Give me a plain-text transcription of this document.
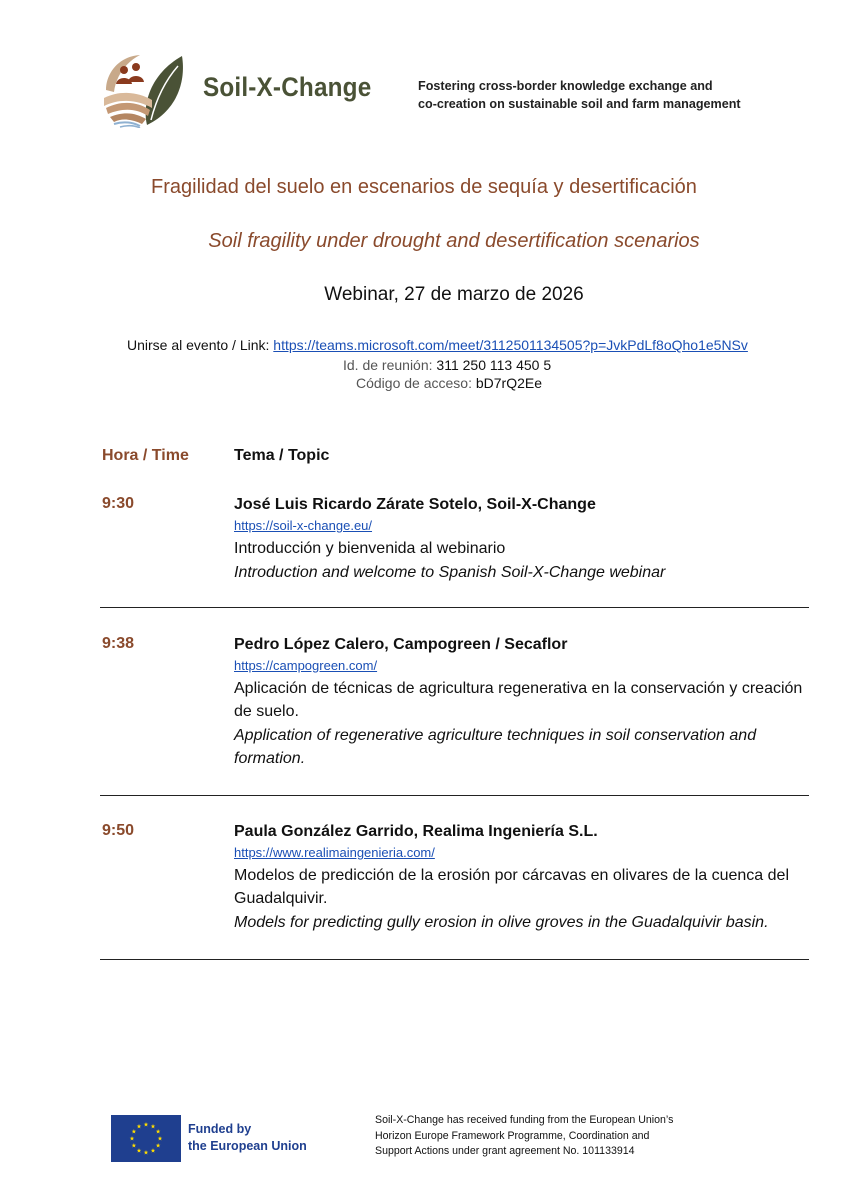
Soil-X-Change	Fostering cross-border knowledge exchange and
co-creation on sustainable soil and farm management
Fragilidad del suelo en escenarios de sequía y desertificación
Soil fragility under drought and desertification scenarios
Webinar, 27 de marzo de 2026
Unirse al evento / Link: https://teams.microsoft.com/meet/3112501134505?p=JvkPdLf8oQho1e5NSv
Id. de reunión: 311 250 113 450 5
Código de acceso: bD7rQ2Ee
Hora / Time	Tema / Topic
9:30	José Luis Ricardo Zárate Sotelo, Soil-X-Change
https://soil-x-change.eu/
Introducción y bienvenida al webinario
Introduction and welcome to Spanish Soil-X-Change webinar
9:38	Pedro López Calero, Campogreen / Secaflor
https://campogreen.com/
Aplicación de técnicas de agricultura regenerativa en la conservación y creación de suelo.
Application of regenerative agriculture techniques in soil conservation and formation.
9:50	Paula González Garrido, Realima Ingeniería S.L.
https://www.realimaingenieria.com/
Modelos de predicción de la erosión por cárcavas en olivares de la cuenca del Guadalquivir.
Models for predicting gully erosion in olive groves in the Guadalquivir basin.
Funded by
the European Union
Soil-X-Change has received funding from the European Union’s
Horizon Europe Framework Programme, Coordination and
Support Actions under grant agreement No. 101133914
